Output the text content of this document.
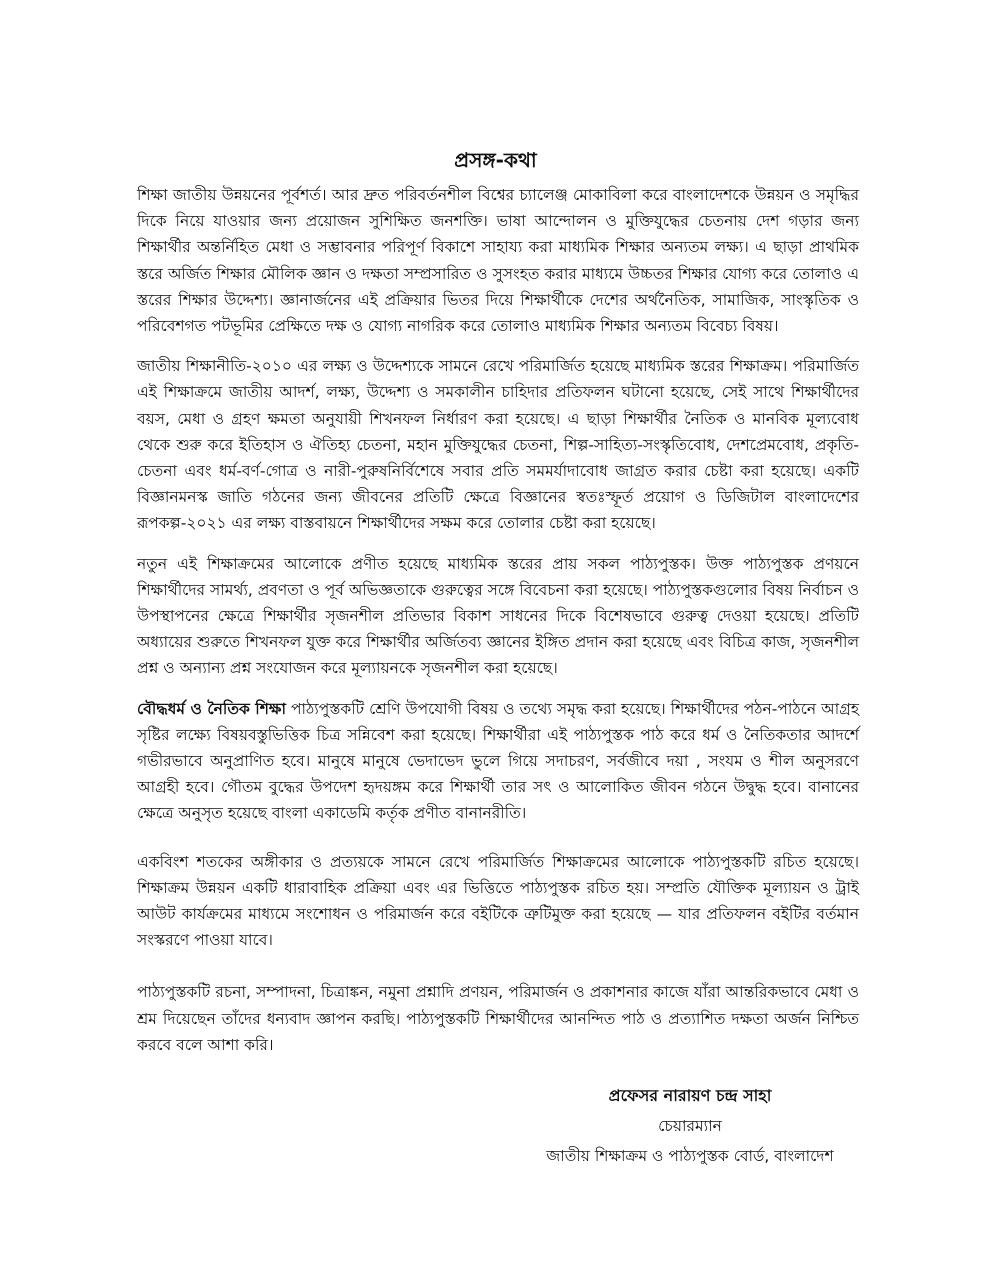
প্রসঙ্গ-কথা

শিক্ষা জাতীয় উন্নয়নের পূর্বশর্ত। আর দ্রুত পরিবর্তনশীল বিশ্বের চ্যালেঞ্জ মোকাবিলা করে বাংলাদেশকে উন্নয়ন ও সমৃদ্ধির দিকে নিয়ে যাওয়ার জন্য প্রয়োজন সুশিক্ষিত জনশক্তি। ভাষা আন্দোলন ও মুক্তিযুদ্ধের চেতনায় দেশ গড়ার জন্য শিক্ষার্থীর অন্তর্নিহিত মেধা ও সম্ভাবনার পরিপূর্ণ বিকাশে সাহায্য করা মাধ্যমিক শিক্ষার অন্যতম লক্ষ্য। এ ছাড়া প্রাথমিক স্তরে অর্জিত শিক্ষার মৌলিক জ্ঞান ও দক্ষতা সম্প্রসারিত ও সুসংহত করার মাধ্যমে উচ্চতর শিক্ষার যোগ্য করে তোলাও এ স্তরের শিক্ষার উদ্দেশ্য। জ্ঞানার্জনের এই প্রক্রিয়ার ভিতর দিয়ে শিক্ষার্থীকে দেশের অর্থনৈতিক, সামাজিক, সাংস্কৃতিক ও পরিবেশগত পটভূমির প্রেক্ষিতে দক্ষ ও যোগ্য নাগরিক করে তোলাও মাধ্যমিক শিক্ষার অন্যতম বিবেচ্য বিষয়।

জাতীয় শিক্ষানীতি-২০১০ এর লক্ষ্য ও উদ্দেশ্যকে সামনে রেখে পরিমার্জিত হয়েছে মাধ্যমিক স্তরের শিক্ষাক্রম। পরিমার্জিত এই শিক্ষাক্রমে জাতীয় আদর্শ, লক্ষ্য, উদ্দেশ্য ও সমকালীন চাহিদার প্রতিফলন ঘটানো হয়েছে, সেই সাথে শিক্ষার্থীদের বয়স, মেধা ও গ্রহণ ক্ষমতা অনুযায়ী শিখনফল নির্ধারণ করা হয়েছে। এ ছাড়া শিক্ষার্থীর নৈতিক ও মানবিক মূল্যবোধ থেকে শুরু করে ইতিহাস ও ঐতিহ্য চেতনা, মহান মুক্তিযুদ্ধের চেতনা, শিল্প-সাহিত্য-সংস্কৃতিবোধ, দেশপ্রেমবোধ, প্রকৃতি-চেতনা এবং ধর্ম-বর্ণ-গোত্র ও নারী-পুরুষনির্বিশেষে সবার প্রতি সমমর্যাদাবোধ জাগ্রত করার চেষ্টা করা হয়েছে। একটি বিজ্ঞানমনস্ক জাতি গঠনের জন্য জীবনের প্রতিটি ক্ষেত্রে বিজ্ঞানের স্বতঃস্ফূর্ত প্রয়োগ ও ডিজিটাল বাংলাদেশের রূপকল্প-২০২১ এর লক্ষ্য বাস্তবায়নে শিক্ষার্থীদের সক্ষম করে তোলার চেষ্টা করা হয়েছে।

নতুন এই শিক্ষাক্রমের আলোকে প্রণীত হয়েছে মাধ্যমিক স্তরের প্রায় সকল পাঠ্যপুস্তক। উক্ত পাঠ্যপুস্তক প্রণয়নে শিক্ষার্থীদের সামর্থ্য, প্রবণতা ও পূর্ব অভিজ্ঞতাকে গুরুত্বের সঙ্গে বিবেচনা করা হয়েছে। পাঠ্যপুস্তকগুলোর বিষয় নির্বাচন ও উপস্থাপনের ক্ষেত্রে শিক্ষার্থীর সৃজনশীল প্রতিভার বিকাশ সাধনের দিকে বিশেষভাবে গুরুত্ব দেওয়া হয়েছে। প্রতিটি অধ্যায়ের শুরুতে শিখনফল যুক্ত করে শিক্ষার্থীর অর্জিতব্য জ্ঞানের ইঙ্গিত প্রদান করা হয়েছে এবং বিচিত্র কাজ, সৃজনশীল প্রশ্ন ও অন্যান্য প্রশ্ন সংযোজন করে মূল্যায়নকে সৃজনশীল করা হয়েছে।

বৌদ্ধধর্ম ও নৈতিক শিক্ষা পাঠ্যপুস্তকটি শ্রেণি উপযোগী বিষয় ও তথ্যে সমৃদ্ধ করা হয়েছে। শিক্ষার্থীদের পঠন-পাঠনে আগ্রহ সৃষ্টির লক্ষ্যে বিষয়বস্তুভিত্তিক চিত্র সন্নিবেশ করা হয়েছে। শিক্ষার্থীরা এই পাঠ্যপুস্তক পাঠ করে ধর্ম ও নৈতিকতার আদর্শে গভীরভাবে অনুপ্রাণিত হবে। মানুষে মানুষে ভেদাভেদ ভুলে গিয়ে সদাচরণ, সর্বজীবে দয়া , সংযম ও শীল অনুসরণে আগ্রহী হবে। গৌতম বুদ্ধের উপদেশ হৃদয়ঙ্গম করে শিক্ষার্থী তার সৎ ও আলোকিত জীবন গঠনে উদ্বুদ্ধ হবে। বানানের ক্ষেত্রে অনুসৃত হয়েছে বাংলা একাডেমি কর্তৃক প্রণীত বানানরীতি।

একবিংশ শতকের অঙ্গীকার ও প্রত্যয়কে সামনে রেখে পরিমার্জিত শিক্ষাক্রমের আলোকে পাঠ্যপুস্তকটি রচিত হয়েছে। শিক্ষাক্রম উন্নয়ন একটি ধারাবাহিক প্রক্রিয়া এবং এর ভিত্তিতে পাঠ্যপুস্তক রচিত হয়। সম্প্রতি যৌক্তিক মূল্যায়ন ও ট্রাই আউট কার্যক্রমের মাধ্যমে সংশোধন ও পরিমার্জন করে বইটিকে ত্রুটিমুক্ত করা হয়েছে — যার প্রতিফলন বইটির বর্তমান সংস্করণে পাওয়া যাবে।

পাঠ্যপুস্তকটি রচনা, সম্পাদনা, চিত্রাঙ্কন, নমুনা প্রশ্নাদি প্রণয়ন, পরিমার্জন ও প্রকাশনার কাজে যাঁরা আন্তরিকভাবে মেধা ও শ্রম দিয়েছেন তাঁদের ধন্যবাদ জ্ঞাপন করছি। পাঠ্যপুস্তকটি শিক্ষার্থীদের আনন্দিত পাঠ ও প্রত্যাশিত দক্ষতা অর্জন নিশ্চিত করবে বলে আশা করি।

প্রফেসর নারায়ণ চন্দ্র সাহা
চেয়ারম্যান
জাতীয় শিক্ষাক্রম ও পাঠ্যপুস্তক বোর্ড, বাংলাদেশ
